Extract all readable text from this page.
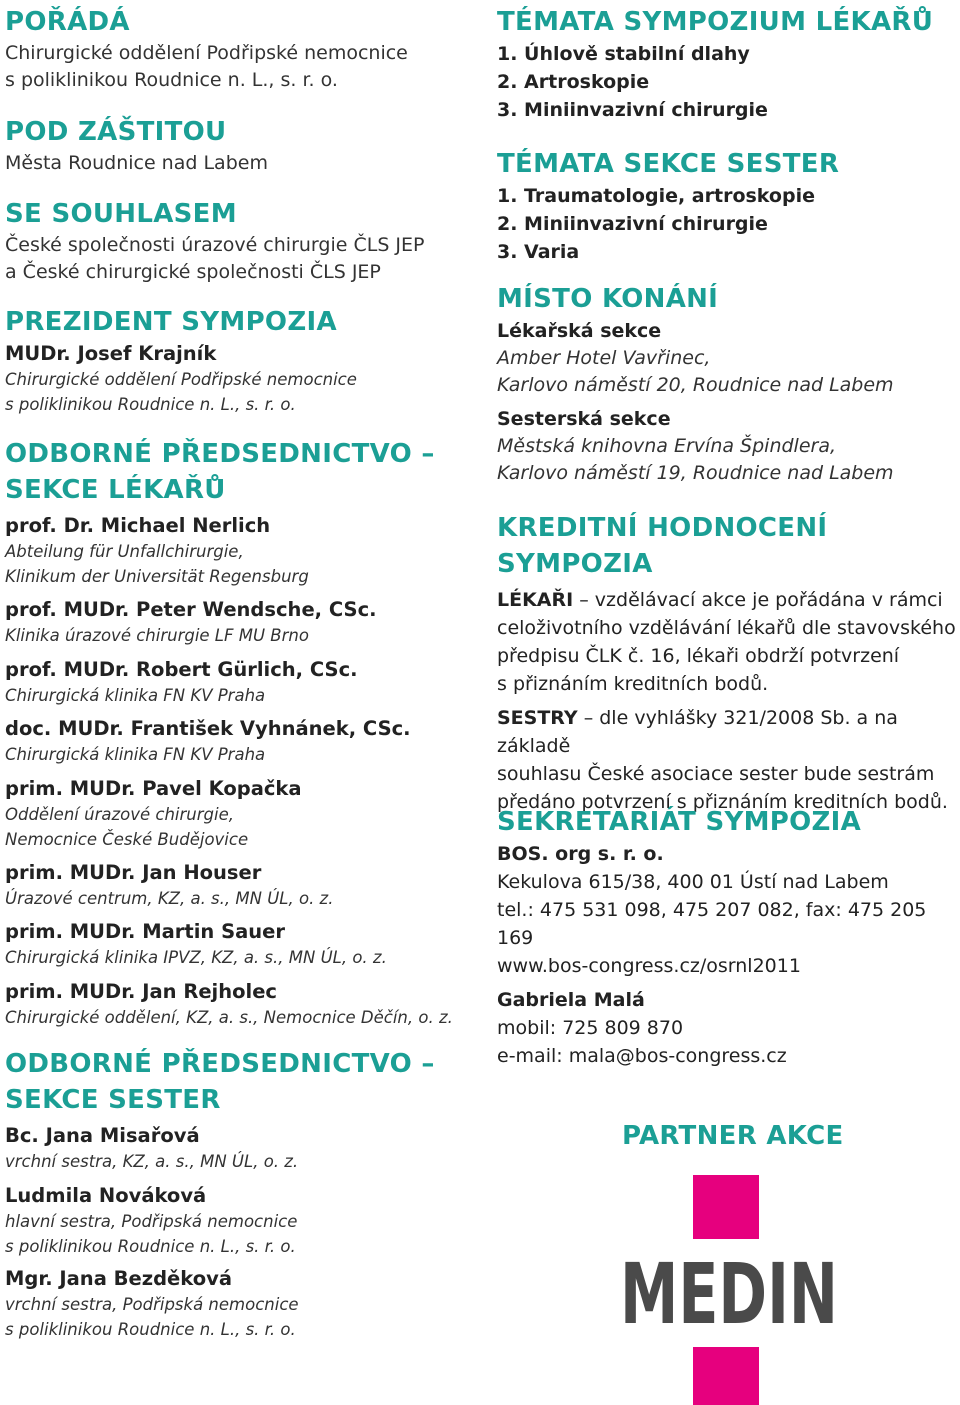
POŘÁDÁ

Chirurgické oddělení Podřipské nemocnice

s poliklinikou Roudnice n. L., s. r. o.

POD ZÁŠTITOU

Města Roudnice nad Labem

SE SOUHLASEM

České společnosti úrazové chirurgie ČLS JEP

a České chirurgické společnosti ČLS JEP

PREZIDENT SYMPOZIA

MUDr. Josef Krajník

Chirurgické oddělení Podřipské nemocnice

s poliklinikou Roudnice n. L., s. r. o.

ODBORNÉ PŘEDSEDNICTVO –

SEKCE LÉKAŘŮ

prof. Dr. Michael Nerlich

Abteilung für Unfallchirurgie,

Klinikum der Universität Regensburg

prof. MUDr. Peter Wendsche, CSc.

Klinika úrazové chirurgie LF MU Brno

prof. MUDr. Robert Gürlich, CSc.

Chirurgická klinika FN KV Praha

doc. MUDr. František Vyhnánek, CSc.

Chirurgická klinika FN KV Praha

prim. MUDr. Pavel Kopačka

Oddělení úrazové chirurgie,

Nemocnice České Budějovice

prim. MUDr. Jan Houser

Úrazové centrum, KZ, a. s., MN ÚL, o. z.

prim. MUDr. Martin Sauer

Chirurgická klinika IPVZ, KZ, a. s., MN ÚL, o. z.

prim. MUDr. Jan Rejholec

Chirurgické oddělení, KZ, a. s., Nemocnice Děčín, o. z.

ODBORNÉ PŘEDSEDNICTVO –

SEKCE SESTER

Bc. Jana Misařová

vrchní sestra, KZ, a. s., MN ÚL, o. z.

Ludmila Nováková

hlavní sestra, Podřipská nemocnice

s poliklinikou Roudnice n. L., s. r. o.

Mgr. Jana Bezděková

vrchní sestra, Podřipská nemocnice

s poliklinikou Roudnice n. L., s. r. o.

TÉMATA SYMPOZIUM LÉKAŘŮ

1. Úhlově stabilní dlahy

2. Artroskopie

3. Miniinvazivní chirurgie

TÉMATA SEKCE SESTER

1. Traumatologie, artroskopie

2. Miniinvazivní chirurgie

3. Varia

MÍSTO KONÁNÍ

Lékařská sekce

Amber Hotel Vavřinec,

Karlovo náměstí 20, Roudnice nad Labem

Sesterská sekce

Městská knihovna Ervína Špindlera,

Karlovo náměstí 19, Roudnice nad Labem

KREDITNÍ HODNOCENÍ

SYMPOZIA

LÉKAŘI – vzdělávací akce je pořádána v rámci

celoživotního vzdělávání lékařů dle stavovského

předpisu ČLK č. 16, lékaři obdrží potvrzení

s přiznáním kreditních bodů.

SESTRY – dle vyhlášky 321/2008 Sb. a na základě

souhlasu České asociace sester bude sestrám

předáno potvrzení s přiznáním kreditních bodů.

SEKRETARIÁT SYMPOZIA

BOS. org s. r. o.

Kekulova 615/38, 400 01 Ústí nad Labem

tel.: 475 531 098, 475 207 082, fax: 475 205 169

www.bos-congress.cz/osrnl2011

Gabriela Malá

mobil: 725 809 870

e-mail: mala@bos-congress.cz

PARTNER AKCE

MEDIN
